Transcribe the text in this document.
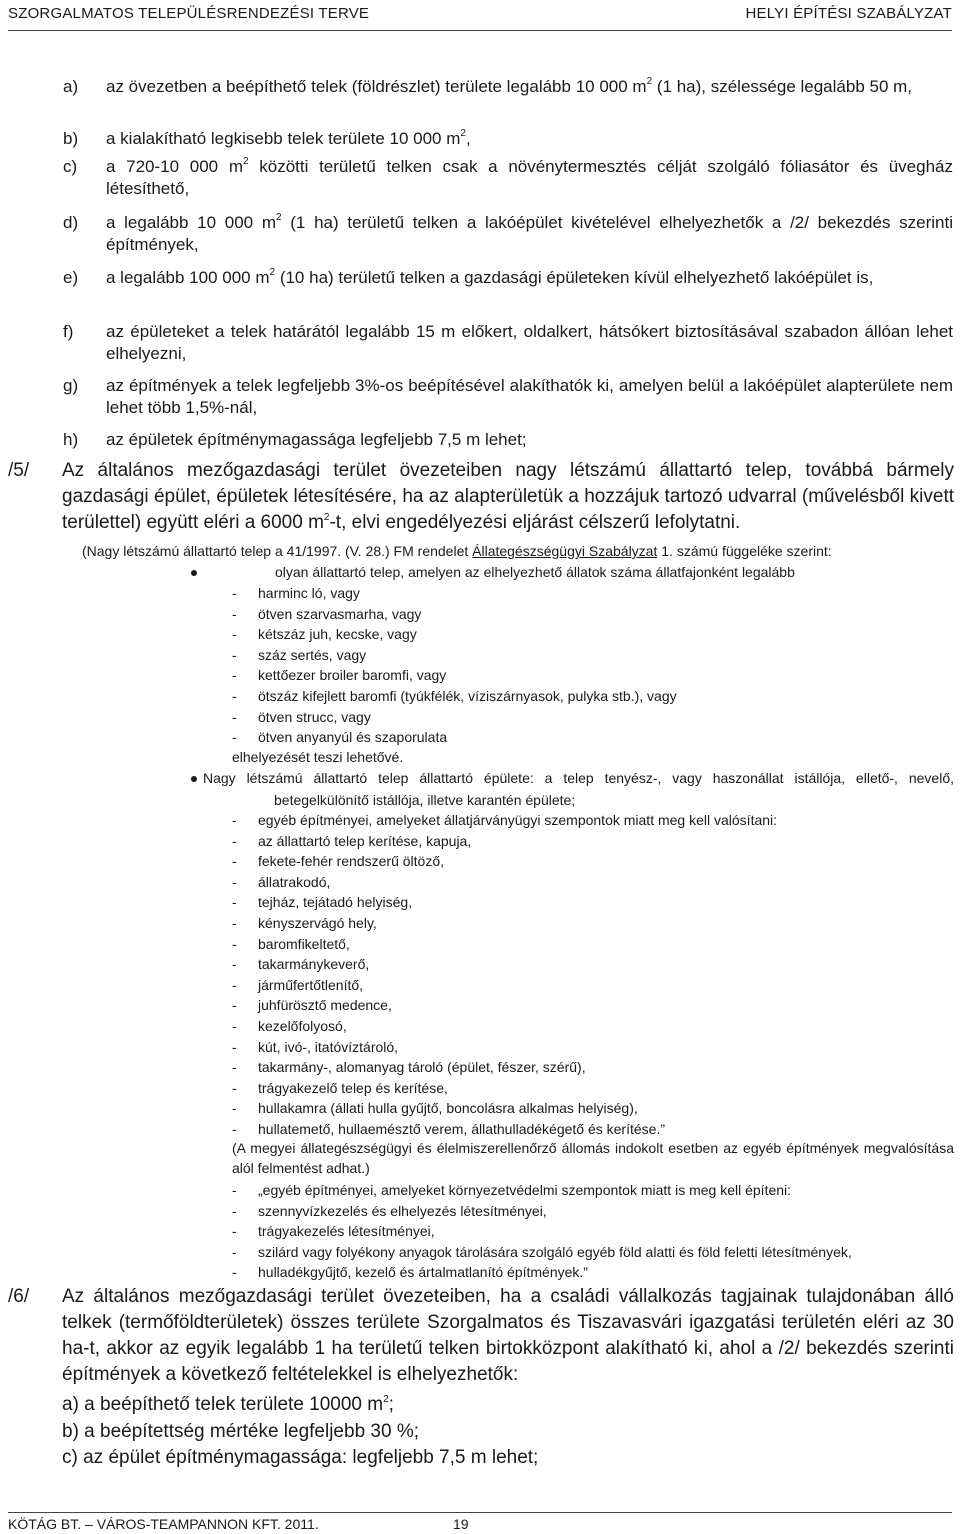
SZORGALMATOS TELEPÜLÉSRENDEZÉSI TERVE	HELYI ÉPÍTÉSI SZABÁLYZAT
a) az övezetben a beépíthető telek (földrészlet) területe legalább 10 000 $m^2$ (1 ha), szélessége legalább 50 m,
b) a kialakítható legkisebb telek területe 10 000 $m^2$,
c) a 720-10 000 $m^2$ közötti területű telken csak a növénytermesztés célját szolgáló fóliasátor és üvegház létesíthető,
d) a legalább 10 000 $m^2$ (1 ha) területű telken a lakóépület kivételével elhelyezhetők a /2/ bekezdés szerinti építmények,
e) a legalább 100 000 $m^2$ (10 ha) területű telken a gazdasági épületeken kívül elhelyezhető lakóépület is,
f) az épületeket a telek határától legalább 15 m előkert, oldalkert, hátsókert biztosításával szabadon állóan lehet elhelyezni,
g) az építmények a telek legfeljebb 3%-os beépítésével alakíthatók ki, amelyen belül a lakóépület alapterülete nem lehet több 1,5%-nál,
h) az épületek építménymagassága legfeljebb 7,5 m lehet;
/5/ Az általános mezőgazdasági terület övezeteiben nagy létszámú állattartó telep, továbbá bármely gazdasági épület, épületek létesítésére, ha az alapterületük a hozzájuk tartozó udvarral (művelésből kivett területtel) együtt eléri a 6000 $m^2-t$, elvi engedélyezési eljárást célszerű lefolytatni.
(Nagy létszámú állattartó telep a 41/1997. (V. 28.) FM rendelet Állategészségügyi Szabályzat 1. számú függeléke szerint:
olyan állattartó telep, amelyen az elhelyezhető állatok száma állatfajonként legalább
- harminc ló, vagy
- ötven szarvasmarha, vagy
- kétszáz juh, kecske, vagy
- száz sertés, vagy
- kettőezer broiler baromfi, vagy
- ötszáz kifejlett baromfi (tyúkfélék, víziszárnyasok, pulyka stb.), vagy
- ötven strucc, vagy
- ötven anyanyúl és szaporulata
elhelyezését teszi lehetővé.
Nagy létszámú állattartó telep állattartó épülete: a telep tenyész-, vagy haszonállat istállója, ellető-, nevelő,
betegelkülönítő istállója, illetve karantén épülete;
- egyéb építményei, amelyeket állatjárványügyi szempontok miatt meg kell valósítani:
- az állattartó telep kerítése, kapuja,
- fekete-fehér rendszerű öltöző,
- állatrakodó,
- tejház, tejátadó helyiség,
- kényszervágó hely,
- baromfikeltető,
- takarmánykeverő,
- járműfertőtlenítő,
- juhfürösztő medence,
- kezelőfolyosó,
- kút, ivó-, itatóvíztároló,
- takarmány-, alomanyag tároló (épület, fészer, szérű),
- trágyakezelő telep és kerítése,
- hullakamra (állati hulla gyűjtő, boncolásra alkalmas helyiség),
- hullatemető, hullaemésztő verem, állathulladékégető és kerítése.”
(A megyei állategészségügyi és élelmiszerellenőrző állomás indokolt esetben az egyéb építmények megvalósítása alól felmentést adhat.)
- „egyéb építményei, amelyeket környezetvédelmi szempontok miatt is meg kell építeni:
- szennyvízkezelés és elhelyezés létesítményei,
- trágyakezelés létesítményei,
- szilárd vagy folyékony anyagok tárolására szolgáló egyéb föld alatti és föld feletti létesítmények,
- hulladékgyűjtő, kezelő és ártalmatlanító építmények.”
/6/ Az általános mezőgazdasági terület övezeteiben, ha a családi vállalkozás tagjainak tulajdonában álló telkek (termőföldterületek) összes területe Szorgalmatos és Tiszavasvári igazgatási területén eléri az 30 ha-t, akkor az egyik legalább 1 ha területű telken birtokközpont alakítható ki, ahol a /2/ bekezdés szerinti építmények a következő feltételekkel is elhelyezhetők:
a) a beépíthető telek területe 10000 $m^2$;
b) a beépítettség mértéke legfeljebb 30 %;
c) az épület építménymagassága: legfeljebb 7,5 m lehet;
KÖTÁG BT. – VÁROS-TEAMPANNON KFT. 2011.	19
